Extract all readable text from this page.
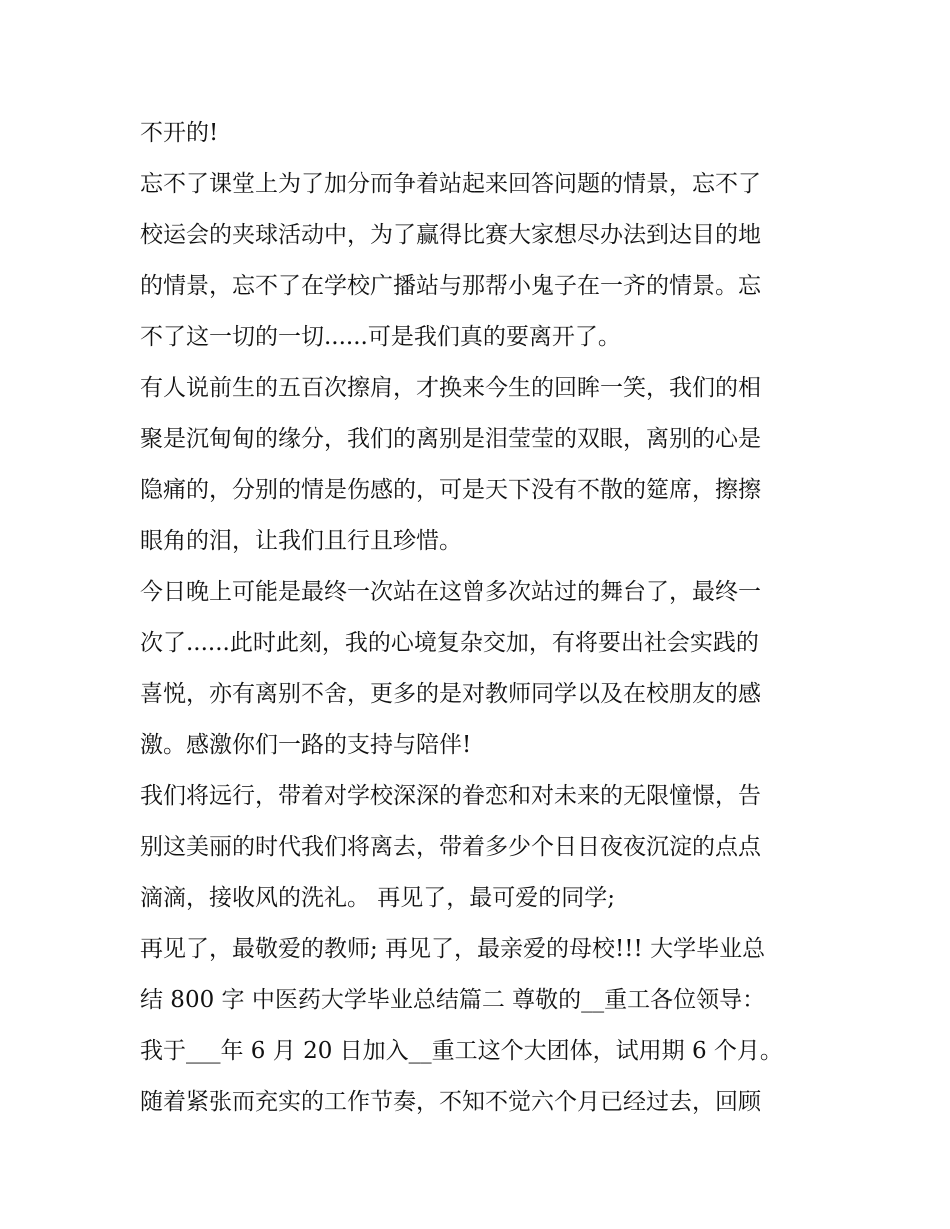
不开的!
忘不了课堂上为了加分而争着站起来回答问题的情景，忘不了
校运会的夹球活动中，为了赢得比赛大家想尽办法到达目的地
的情景，忘不了在学校广播站与那帮小鬼子在一齐的情景。忘
不了这一切的一切......可是我们真的要离开了。
有人说前生的五百次擦肩，才换来今生的回眸一笑，我们的相
聚是沉甸甸的缘分，我们的离别是泪莹莹的双眼，离别的心是
隐痛的，分别的情是伤感的，可是天下没有不散的筵席，擦擦
眼角的泪，让我们且行且珍惜。
今日晚上可能是最终一次站在这曾多次站过的舞台了，最终一
次了......此时此刻，我的心境复杂交加，有将要出社会实践的
喜悦，亦有离别不舍，更多的是对教师同学以及在校朋友的感
激。感激你们一路的支持与陪伴!
我们将远行，带着对学校深深的眷恋和对未来的无限憧憬，告
别这美丽的时代我们将离去，带着多少个日日夜夜沉淀的点点
滴滴，接收风的洗礼。 再见了，最可爱的同学;
再见了，最敬爱的教师; 再见了，最亲爱的母校!!! 大学毕业总
结 800 字 中医药大学毕业总结篇二 尊敬的__重工各位领导：
我于___年 6 月 20 日加入__重工这个大团体，试用期 6 个月。
随着紧张而充实的工作节奏，不知不觉六个月已经过去，回顾
